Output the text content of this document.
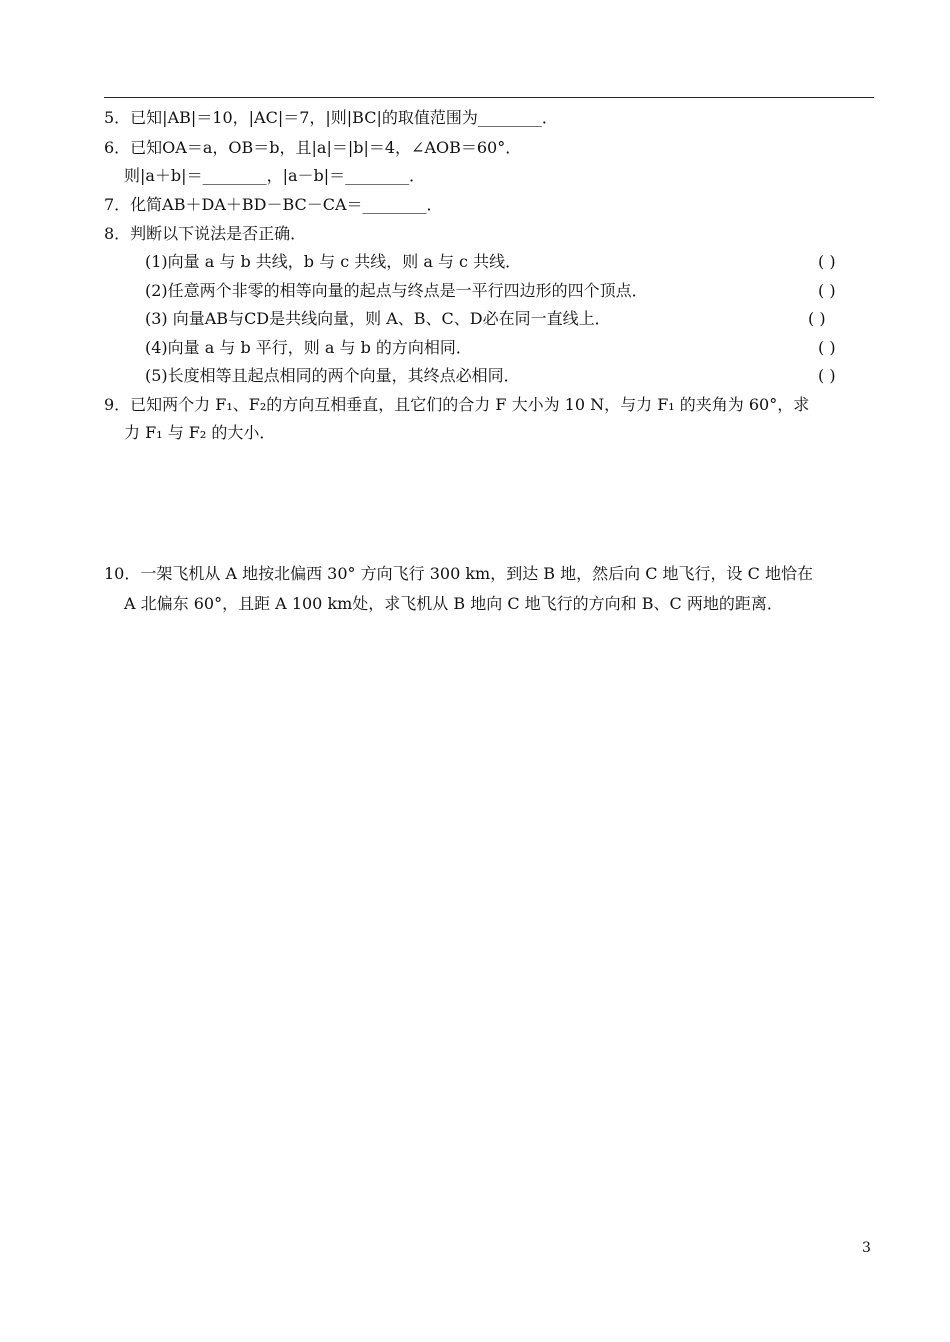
5．已知|AB|＝10，|AC|＝7，|则|BC|的取值范围为________．
6．已知OA＝a，OB＝b，且|a|＝|b|＝4，∠AOB＝60°．
则|a＋b|＝________，|a－b|＝________．
7．化简AB＋DA＋BD－BC－CA＝________．
8．判断以下说法是否正确．
(1)向量 a 与 b 共线，b 与 c 共线，则 a 与 c 共线．	( )
(2)任意两个非零的相等向量的起点与终点是一平行四边形的四个顶点．	( )
(3) 向量AB与CD是共线向量，则 A、B、C、D必在同一直线上．	( )
(4)向量 a 与 b 平行，则 a 与 b 的方向相同．	( )
(5)长度相等且起点相同的两个向量，其终点必相同．	( )
9．已知两个力 F₁、F₂的方向互相垂直，且它们的合力 F 大小为 10 N，与力 F₁ 的夹角为 60°，求
力 F₁ 与 F₂ 的大小．
10．一架飞机从 A 地按北偏西 30° 方向飞行 300 km，到达 B 地，然后向 C 地飞行，设 C 地恰在
A 北偏东 60°，且距 A 100 km处，求飞机从 B 地向 C 地飞行的方向和 B、C 两地的距离．
3
